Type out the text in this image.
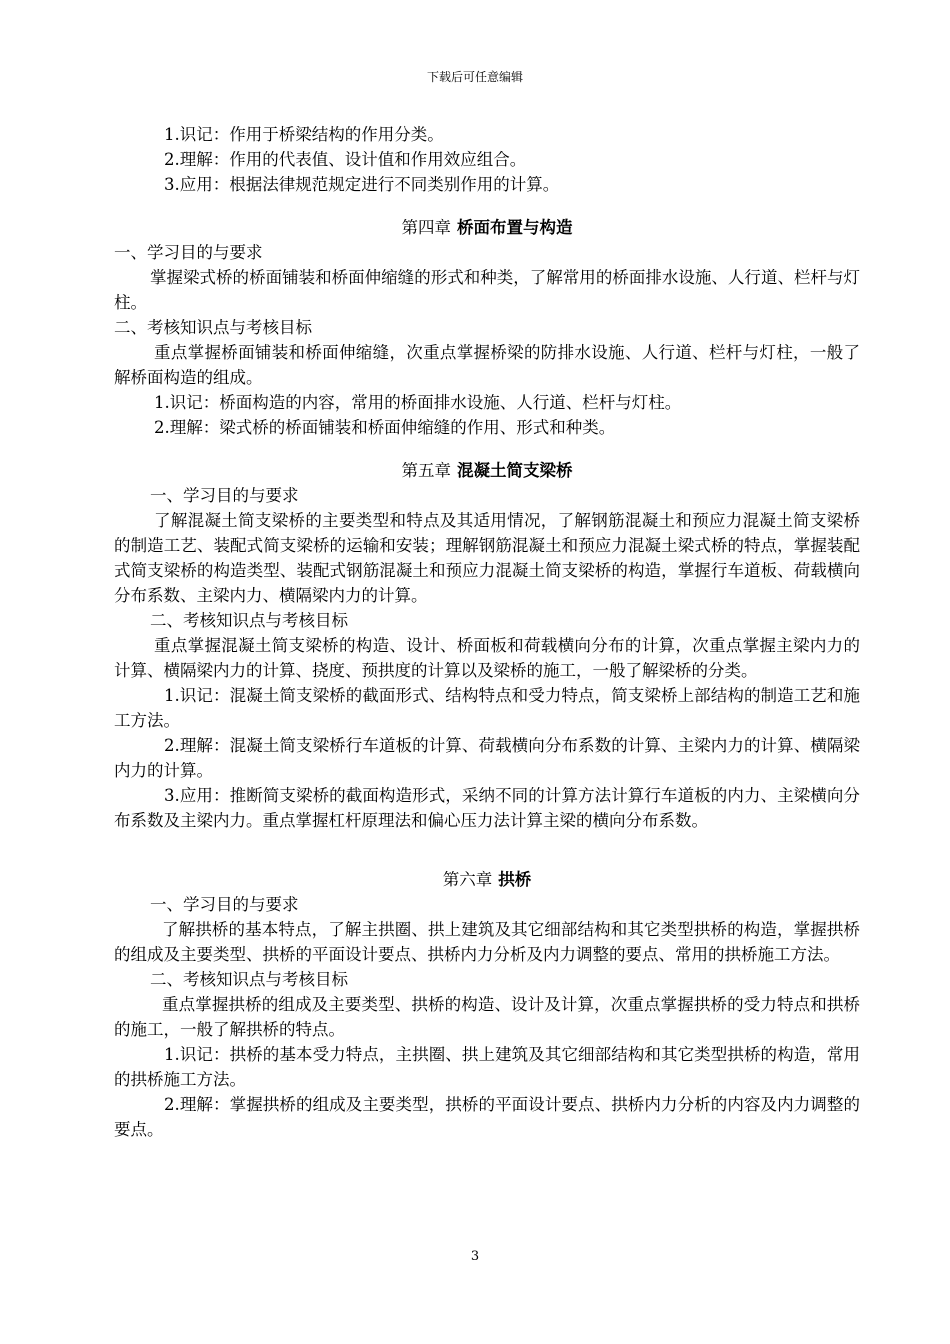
下载后可任意编辑

1.识记：作用于桥梁结构的作用分类。

2.理解：作用的代表值、设计值和作用效应组合。

3.应用：根据法律规范规定进行不同类别作用的计算。

第四章 桥面布置与构造

一、学习目的与要求

掌握梁式桥的桥面铺装和桥面伸缩缝的形式和种类，了解常用的桥面排水设施、人行道、栏杆与灯柱。

二、考核知识点与考核目标

重点掌握桥面铺装和桥面伸缩缝，次重点掌握桥梁的防排水设施、人行道、栏杆与灯柱，一般了解桥面构造的组成。

1.识记：桥面构造的内容，常用的桥面排水设施、人行道、栏杆与灯柱。

2.理解：梁式桥的桥面铺装和桥面伸缩缝的作用、形式和种类。

第五章 混凝土简支梁桥

一、学习目的与要求

了解混凝土简支梁桥的主要类型和特点及其适用情况，了解钢筋混凝土和预应力混凝土简支梁桥的制造工艺、装配式简支梁桥的运输和安装；理解钢筋混凝土和预应力混凝土梁式桥的特点，掌握装配式简支梁桥的构造类型、装配式钢筋混凝土和预应力混凝土简支梁桥的构造，掌握行车道板、荷载横向分布系数、主梁内力、横隔梁内力的计算。

二、考核知识点与考核目标

重点掌握混凝土简支梁桥的构造、设计、桥面板和荷载横向分布的计算，次重点掌握主梁内力的计算、横隔梁内力的计算、挠度、预拱度的计算以及梁桥的施工，一般了解梁桥的分类。

1.识记：混凝土简支梁桥的截面形式、结构特点和受力特点，简支梁桥上部结构的制造工艺和施工方法。

2.理解：混凝土简支梁桥行车道板的计算、荷载横向分布系数的计算、主梁内力的计算、横隔梁内力的计算。

3.应用：推断简支梁桥的截面构造形式，采纳不同的计算方法计算行车道板的内力、主梁横向分布系数及主梁内力。重点掌握杠杆原理法和偏心压力法计算主梁的横向分布系数。

第六章 拱桥

一、学习目的与要求

了解拱桥的基本特点，了解主拱圈、拱上建筑及其它细部结构和其它类型拱桥的构造，掌握拱桥的组成及主要类型、拱桥的平面设计要点、拱桥内力分析及内力调整的要点、常用的拱桥施工方法。

二、考核知识点与考核目标

重点掌握拱桥的组成及主要类型、拱桥的构造、设计及计算，次重点掌握拱桥的受力特点和拱桥的施工，一般了解拱桥的特点。

1.识记：拱桥的基本受力特点，主拱圈、拱上建筑及其它细部结构和其它类型拱桥的构造，常用的拱桥施工方法。

2.理解：掌握拱桥的组成及主要类型，拱桥的平面设计要点、拱桥内力分析的内容及内力调整的要点。

3
